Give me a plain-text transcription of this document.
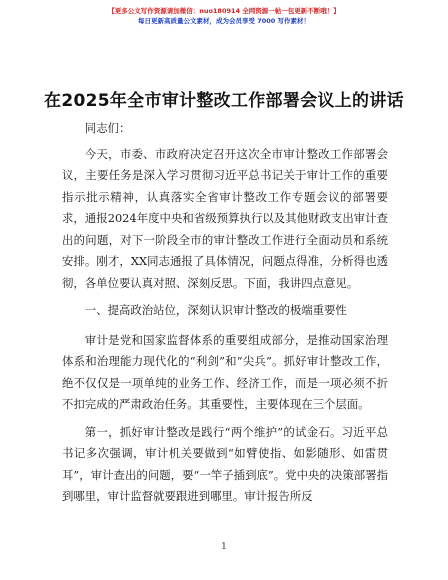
【更多公文写作资源请加微信：nuo180914 全网资源⼀帖一包更新不断哦！】
每日更新高质量公文素材，成为会员享受 7000 写作素材！
在2025年全市审计整改工作部署会议上的讲话

同志们：

今天，市委、市政府决定召开这次全市审计整改工作部署会议，主要任务是深入学习贯彻习近平总书记关于审计工作的重要指示批示精神，认真落实全省审计整改工作专题会议的部署要求，通报2024年度中央和省级预算执行以及其他财政支出审计查出的问题，对下一阶段全市的审计整改工作进行全面动员和系统安排。刚才，XX同志通报了具体情况，问题点得准，分析得也透彻，各单位要认真对照、深刻反思。下面，我讲四点意见。

一、提高政治站位，深刻认识审计整改的极端重要性

审计是党和国家监督体系的重要组成部分，是推动国家治理体系和治理能力现代化的“利剑”和“尖兵”。抓好审计整改工作，绝不仅仅是一项单纯的业务工作、经济工作，而是一项必须不折不扣完成的严肃政治任务。其重要性，主要体现在三个层面。

第一，抓好审计整改是践行“两个维护”的试金石。习近平总书记多次强调，审计机关要做到“如臂使指、如影随形、如雷贯耳”，审计查出的问题，要“一竿子插到底”。党中央的决策部署指到哪里，审计监督就要跟进到哪里。审计报告所反

1
